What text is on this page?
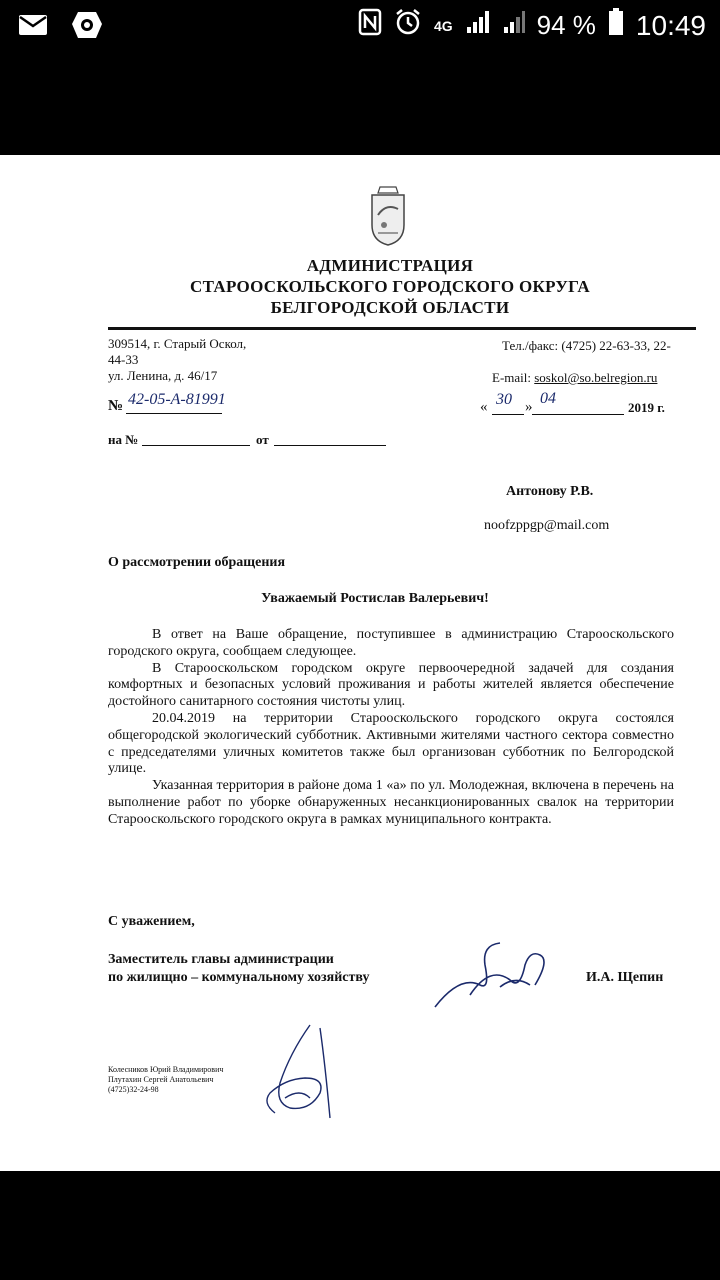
4G	94 % 10:49
АДМИНИСТРАЦИЯ
СТАРООСКОЛЬСКОГО ГОРОДСКОГО ОКРУГА
БЕЛГОРОДСКОЙ ОБЛАСТИ
309514, г. Старый Оскол,
44-33
ул. Ленина, д. 46/17
Тел./факс: (4725) 22-63-33, 22-
E-mail: soskol@so.belregion.ru
№ 42-05-А-81991	« 30 » 04
2019 г.
на №	от
Антонову Р.В.
noofzppgp@mail.com
О рассмотрении обращения
Уважаемый Ростислав Валерьевич!

В ответ на Ваше обращение, поступившее в администрацию Старооскольского городского округа, сообщаем следующее.

В Старооскольском городском округе первоочередной задачей для создания комфортных и безопасных условий проживания и работы жителей является обеспечение достойного санитарного состояния чистоты улиц.

20.04.2019 на территории Старооскольского городского округа состоялся общегородской экологический субботник. Активными жителями частного сектора совместно с председателями уличных комитетов также был организован субботник по Белгородской улице.

Указанная территория в районе дома 1 «а» по ул. Молодежная, включена в перечень на выполнение работ по уборке обнаруженных несанкционированных свалок на территории Старооскольского городского округа в рамках муниципального контракта.

С уважением,
Заместитель главы администрации
по жилищно – коммунальному хозяйству	И.А. Щепин
Колесников Юрий Владимирович
Плутахин Сергей Анатольевич
(4725)32-24-98
